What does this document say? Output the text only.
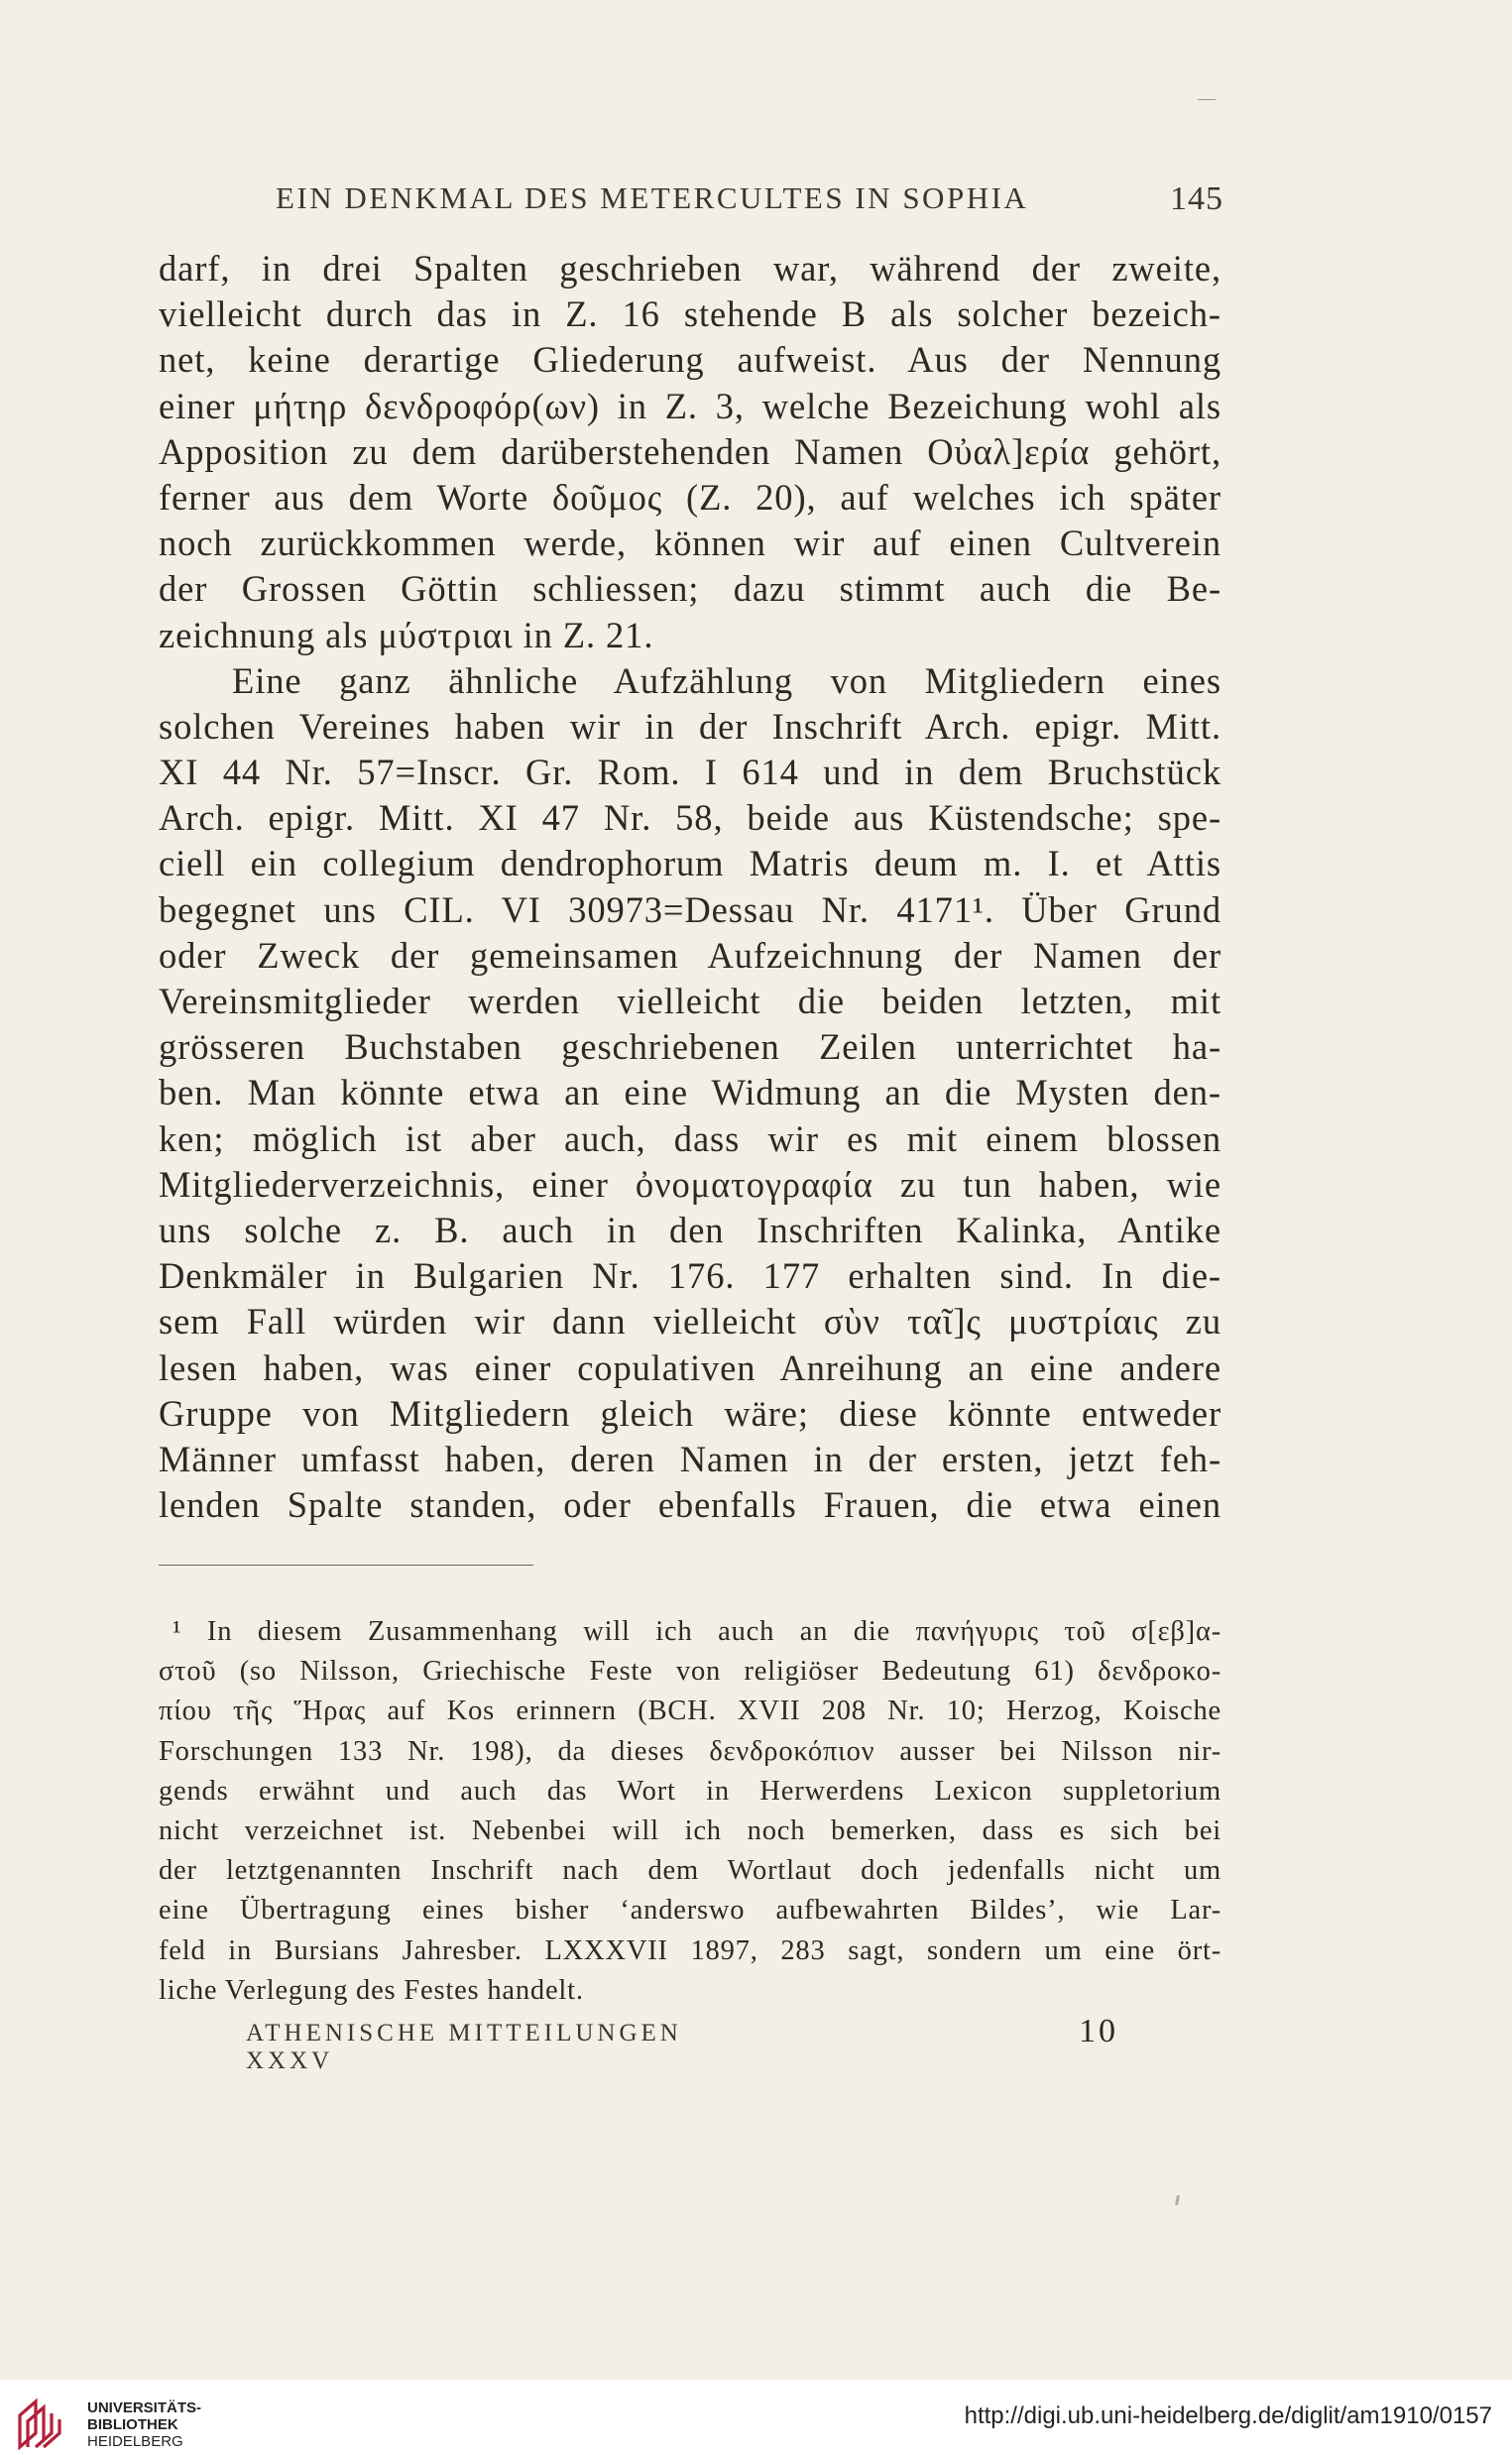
EIN DENKMAL DES METERCULTES IN SOPHIA	145
darf, in drei Spalten geschrieben war, während der zweite,
vielleicht durch das in Z. 16 stehende B als solcher bezeich-
net, keine derartige Gliederung aufweist. Aus der Nennung
einer μήτηρ δενδροφόρ(ων) in Z. 3, welche Bezeichung wohl als
Apposition zu dem darüberstehenden Namen Οὐαλ]ερία gehört,
ferner aus dem Worte δοῦμος (Z. 20), auf welches ich später
noch zurückkommen werde, können wir auf einen Cultverein
der Grossen Göttin schliessen; dazu stimmt auch die Be-
zeichnung als μύστριαι in Z. 21.
Eine ganz ähnliche Aufzählung von Mitgliedern eines
solchen Vereines haben wir in der Inschrift Arch. epigr. Mitt.
XI 44 Nr. 57=Inscr. Gr. Rom. I 614 und in dem Bruchstück
Arch. epigr. Mitt. XI 47 Nr. 58, beide aus Küstendsche; spe-
ciell ein collegium dendrophorum Matris deum m. I. et Attis
begegnet uns CIL. VI 30973=Dessau Nr. 4171¹. Über Grund
oder Zweck der gemeinsamen Aufzeichnung der Namen der
Vereinsmitglieder werden vielleicht die beiden letzten, mit
grösseren Buchstaben geschriebenen Zeilen unterrichtet ha-
ben. Man könnte etwa an eine Widmung an die Mysten den-
ken; möglich ist aber auch, dass wir es mit einem blossen
Mitgliederverzeichnis, einer ὀνοματογραφία zu tun haben, wie
uns solche z. B. auch in den Inschriften Kalinka, Antike
Denkmäler in Bulgarien Nr. 176. 177 erhalten sind. In die-
sem Fall würden wir dann vielleicht σὺν ταῖ]ς μυστρίαις zu
lesen haben, was einer copulativen Anreihung an eine andere
Gruppe von Mitgliedern gleich wäre; diese könnte entweder
Männer umfasst haben, deren Namen in der ersten, jetzt feh-
lenden Spalte standen, oder ebenfalls Frauen, die etwa einen
¹ In diesem Zusammenhang will ich auch an die πανήγυρις τοῦ σ[εβ]α-
στοῦ (so Nilsson, Griechische Feste von religiöser Bedeutung 61) δενδροκο-
πίου τῆς Ἥρας auf Kos erinnern (BCH. XVII 208 Nr. 10; Herzog, Koische
Forschungen 133 Nr. 198), da dieses δενδροκόπιον ausser bei Nilsson nir-
gends erwähnt und auch das Wort in Herwerdens Lexicon suppletorium
nicht verzeichnet ist. Nebenbei will ich noch bemerken, dass es sich bei
der letztgenannten Inschrift nach dem Wortlaut doch jedenfalls nicht um
eine Übertragung eines bisher ‘anderswo aufbewahrten Bildes’, wie Lar-
feld in Bursians Jahresber. LXXXVII 1897, 283 sagt, sondern um eine ört-
liche Verlegung des Festes handelt.
ATHENISCHE MITTEILUNGEN XXXV
10
UNIVERSITÄTS-
BIBLIOTHEK
HEIDELBERG
http://digi.ub.uni-heidelberg.de/diglit/am1910/0157
